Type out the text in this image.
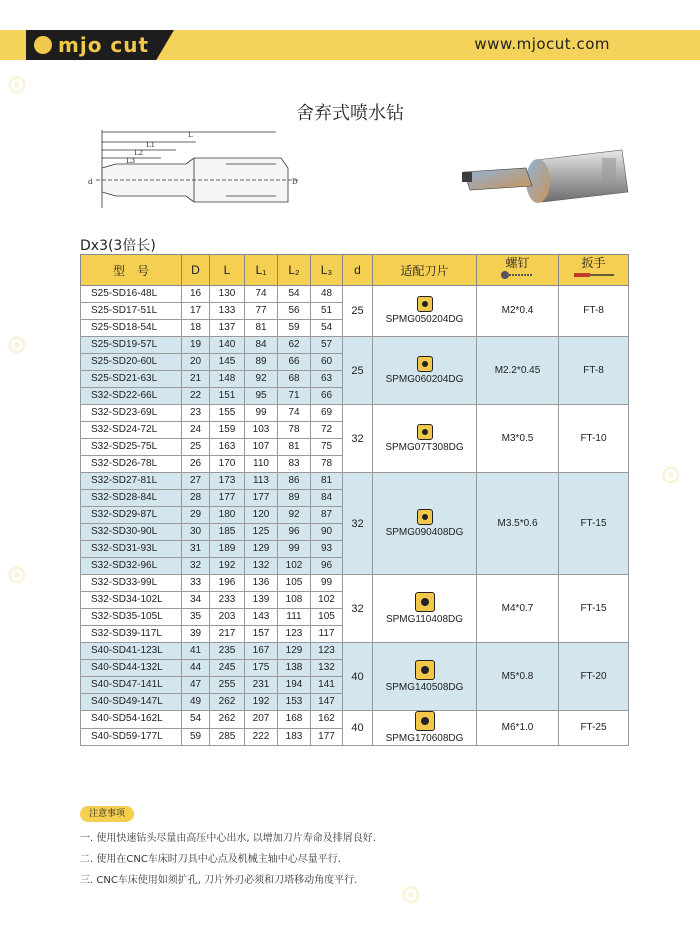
⊙
⊙
⊙
⊙
⊙
mjo cut	www.mjocut.com
舍弃式喷水钻
L
L1
L2
L3
d	D
Dx3(3倍长)
型　号	D	L	L₁	L₂	L₃	d	适配刀片	螺钉	扳手

S25-SD16-48L	16	130	74	54	48	25	SPMG050204DG	M2*0.4	FT-8
S25-SD17-51L	17	133	77	56	51				
S25-SD18-54L	18	137	81	59	54				
S25-SD19-57L	19	140	84	62	57	25	SPMG060204DG	M2.2*0.45	FT-8
S25-SD20-60L	20	145	89	66	60				
S25-SD21-63L	21	148	92	68	63				
S32-SD22-66L	22	151	95	71	66				
S32-SD23-69L	23	155	99	74	69	32	SPMG07T308DG	M3*0.5	FT-10
S32-SD24-72L	24	159	103	78	72				
S32-SD25-75L	25	163	107	81	75				
S32-SD26-78L	26	170	110	83	78				
S32-SD27-81L	27	173	113	86	81	32	SPMG090408DG	M3.5*0.6	FT-15
S32-SD28-84L	28	177	177	89	84				
S32-SD29-87L	29	180	120	92	87				
S32-SD30-90L	30	185	125	96	90				
S32-SD31-93L	31	189	129	99	93				
S32-SD32-96L	32	192	132	102	96				
S32-SD33-99L	33	196	136	105	99	32	SPMG110408DG	M4*0.7	FT-15
S32-SD34-102L	34	233	139	108	102				
S32-SD35-105L	35	203	143	111	105				
S32-SD39-117L	39	217	157	123	117				
S40-SD41-123L	41	235	167	129	123	40	SPMG140508DG	M5*0.8	FT-20
S40-SD44-132L	44	245	175	138	132				
S40-SD47-141L	47	255	231	194	141				
S40-SD49-147L	49	262	192	153	147				
S40-SD54-162L	54	262	207	168	162	40	SPMG170608DG	M6*1.0	FT-25
S40-SD59-177L	59	285	222	183	177				
注意事项
一. 使用快速钻头尽量由高压中心出水, 以增加刀片寿命及排屑良好.
二. 使用在CNC车床时刀具中心点及机械主轴中心尽量平行.
三. CNC车床使用如须扩孔, 刀片外刃必须和刀塔移动角度平行.
